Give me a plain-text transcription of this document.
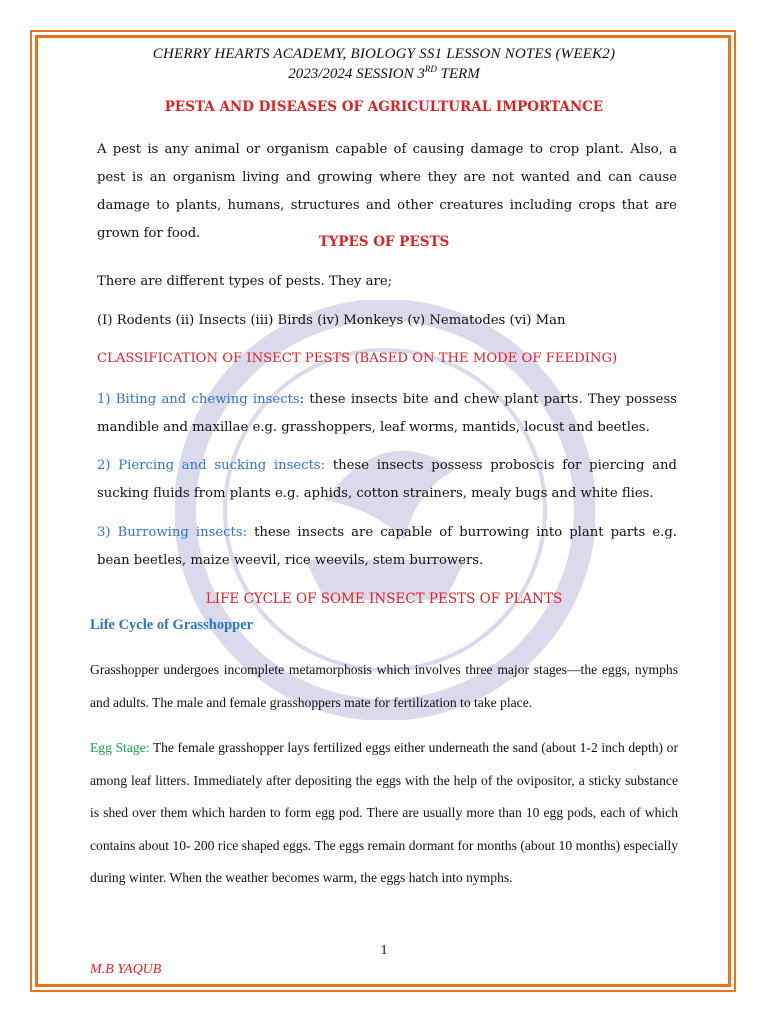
CHERRY HEARTS ACADEMY, BIOLOGY SS1 LESSON NOTES (WEEK2)
2023/2024 SESSION 3RD TERM
PESTA AND DISEASES OF AGRICULTURAL IMPORTANCE
A pest is any animal or organism capable of causing damage to crop plant. Also, a pest is an organism living and growing where they are not wanted and can cause damage to plants, humans, structures and other creatures including crops that are grown for food.
TYPES OF PESTS
There are different types of pests. They are;
(I) Rodents (ii) Insects (iii) Birds (iv) Monkeys (v) Nematodes (vi) Man
CLASSIFICATION OF INSECT PESTS (BASED ON THE MODE OF FEEDING)
1) Biting and chewing insects: these insects bite and chew plant parts. They possess mandible and maxillae e.g. grasshoppers, leaf worms, mantids, locust and beetles.
2) Piercing and sucking insects: these insects possess proboscis for piercing and sucking fluids from plants e.g. aphids, cotton strainers, mealy bugs and white flies.
3) Burrowing insects: these insects are capable of burrowing into plant parts e.g. bean beetles, maize weevil, rice weevils, stem burrowers.
LIFE CYCLE OF SOME INSECT PESTS OF PLANTS
Life Cycle of Grasshopper
Grasshopper undergoes incomplete metamorphosis which involves three major stages—the eggs, nymphs and adults. The male and female grasshoppers mate for fertilization to take place.
Egg Stage: The female grasshopper lays fertilized eggs either underneath the sand (about 1-2 inch depth) or among leaf litters. Immediately after depositing the eggs with the help of the ovipositor, a sticky substance is shed over them which harden to form egg pod. There are usually more than 10 egg pods, each of which contains about 10- 200 rice shaped eggs. The eggs remain dormant for months (about 10 months) especially during winter. When the weather becomes warm, the eggs hatch into nymphs.
1
M.B YAQUB
